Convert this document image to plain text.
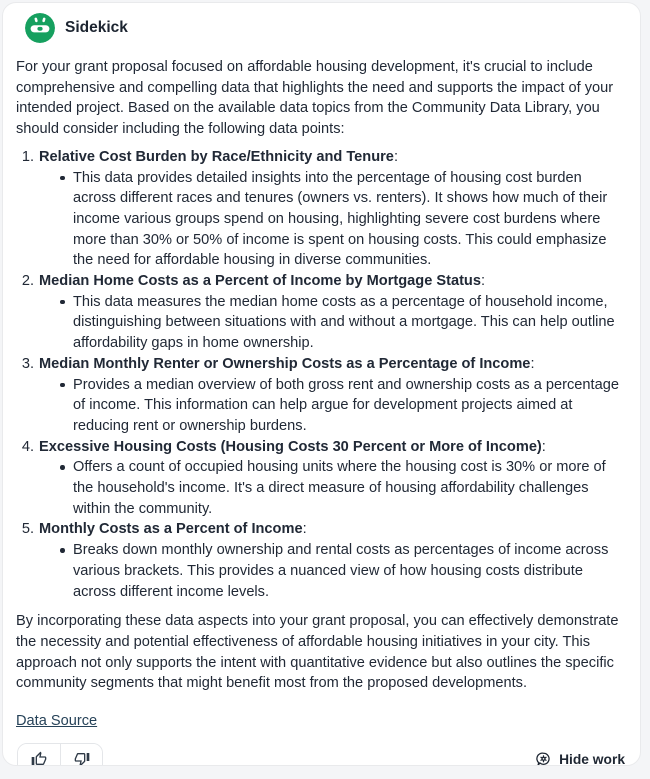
Sidekick

For your grant proposal focused on affordable housing development, it's crucial to include comprehensive and compelling data that highlights the need and supports the impact of your intended project. Based on the available data topics from the Community Data Library, you should consider including the following data points:

1. Relative Cost Burden by Race/Ethnicity and Tenure:
This data provides detailed insights into the percentage of housing cost burden across different races and tenures (owners vs. renters). It shows how much of their income various groups spend on housing, highlighting severe cost burdens where more than 30% or 50% of income is spent on housing costs. This could emphasize the need for affordable housing in diverse communities.
2. Median Home Costs as a Percent of Income by Mortgage Status:
This data measures the median home costs as a percentage of household income, distinguishing between situations with and without a mortgage. This can help outline affordability gaps in home ownership.
3. Median Monthly Renter or Ownership Costs as a Percentage of Income:
Provides a median overview of both gross rent and ownership costs as a percentage of income. This information can help argue for development projects aimed at reducing rent or ownership burdens.
4. Excessive Housing Costs (Housing Costs 30 Percent or More of Income):
Offers a count of occupied housing units where the housing cost is 30% or more of the household's income. It's a direct measure of housing affordability challenges within the community.
5. Monthly Costs as a Percent of Income:
Breaks down monthly ownership and rental costs as percentages of income across various brackets. This provides a nuanced view of how housing costs distribute across different income levels.

By incorporating these data aspects into your grant proposal, you can effectively demonstrate the necessity and potential effectiveness of affordable housing initiatives in your city. This approach not only supports the intent with quantitative evidence but also outlines the specific community segments that might benefit most from the proposed developments.

Data Source
Hide work
